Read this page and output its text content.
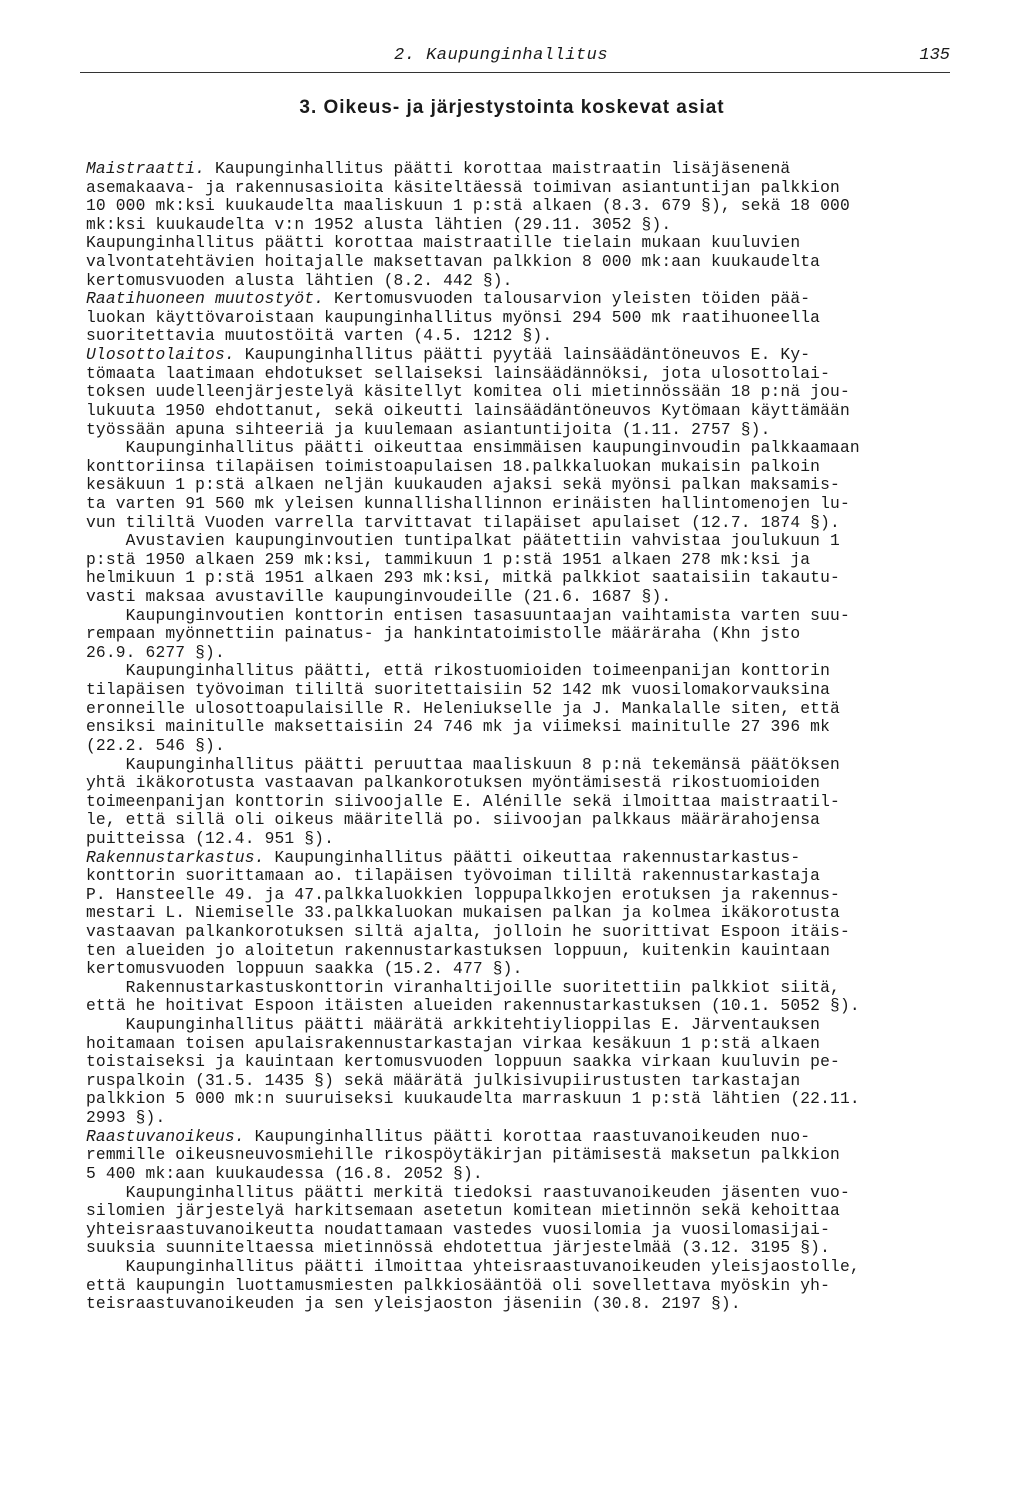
2. Kaupunginhallitus	135
3. Oikeus- ja järjestystointa koskevat asiat
Maistraatti. Kaupunginhallitus päätti korottaa maistraatin lisäjäsenenä
asemakaava- ja rakennusasioita käsiteltäessä toimivan asiantuntijan palkkion
10 000 mk:ksi kuukaudelta maaliskuun 1 p:stä alkaen (8.3. 679 §), sekä 18 000
mk:ksi kuukaudelta v:n 1952 alusta lähtien (29.11. 3052 §).
Kaupunginhallitus päätti korottaa maistraatille tielain mukaan kuuluvien
valvontatehtävien hoitajalle maksettavan palkkion 8 000 mk:aan kuukaudelta
kertomusvuoden alusta lähtien (8.2. 442 §).
Raatihuoneen muutostyöt. Kertomusvuoden talousarvion yleisten töiden pää-
luokan käyttövaroistaan kaupunginhallitus myönsi 294 500 mk raatihuoneella
suoritettavia muutostöitä varten (4.5. 1212 §).
Ulosottolaitos. Kaupunginhallitus päätti pyytää lainsäädäntöneuvos E. Ky-
tömaata laatimaan ehdotukset sellaiseksi lainsäädännöksi, jota ulosottolai-
toksen uudelleenjärjestelyä käsitellyt komitea oli mietinnössään 18 p:nä jou-
lukuuta 1950 ehdottanut, sekä oikeutti lainsäädäntöneuvos Kytömaan käyttämään
työssään apuna sihteeriä ja kuulemaan asiantuntijoita (1.11. 2757 §).
Kaupunginhallitus päätti oikeuttaa ensimmäisen kaupunginvoudin palkkaamaan
konttoriinsa tilapäisen toimistoapulaisen 18.palkkaluokan mukaisin palkoin
kesäkuun 1 p:stä alkaen neljän kuukauden ajaksi sekä myönsi palkan maksamis-
ta varten 91 560 mk yleisen kunnallishallinnon erinäisten hallintomenojen lu-
vun tililtä Vuoden varrella tarvittavat tilapäiset apulaiset (12.7. 1874 §).
Avustavien kaupunginvoutien tuntipalkat päätettiin vahvistaa joulukuun 1
p:stä 1950 alkaen 259 mk:ksi, tammikuun 1 p:stä 1951 alkaen 278 mk:ksi ja
helmikuun 1 p:stä 1951 alkaen 293 mk:ksi, mitkä palkkiot saataisiin takautu-
vasti maksaa avustaville kaupunginvoudeille (21.6. 1687 §).
Kaupunginvoutien konttorin entisen tasasuuntaajan vaihtamista varten suu-
rempaan myönnettiin painatus- ja hankintatoimistolle määräraha (Khn jsto
26.9. 6277 §).
Kaupunginhallitus päätti, että rikostuomioiden toimeenpanijan konttorin
tilapäisen työvoiman tililtä suoritettaisiin 52 142 mk vuosilomakorvauksina
eronneille ulosottoapulaisille R. Heleniukselle ja J. Mankalalle siten, että
ensiksi mainitulle maksettaisiin 24 746 mk ja viimeksi mainitulle 27 396 mk
(22.2. 546 §).
Kaupunginhallitus päätti peruuttaa maaliskuun 8 p:nä tekemänsä päätöksen
yhtä ikäkorotusta vastaavan palkankorotuksen myöntämisestä rikostuomioiden
toimeenpanijan konttorin siivoojalle E. Alénille sekä ilmoittaa maistraatil-
le, että sillä oli oikeus määritellä po. siivoojan palkkaus määrärahojensa
puitteissa (12.4. 951 §).
Rakennustarkastus. Kaupunginhallitus päätti oikeuttaa rakennustarkastus-
konttorin suorittamaan ao. tilapäisen työvoiman tililtä rakennustarkastaja
P. Hansteelle 49. ja 47.palkkaluokkien loppupalkkojen erotuksen ja rakennus-
mestari L. Niemiselle 33.palkkaluokan mukaisen palkan ja kolmea ikäkorotusta
vastaavan palkankorotuksen siltä ajalta, jolloin he suorittivat Espoon itäis-
ten alueiden jo aloitetun rakennustarkastuksen loppuun, kuitenkin kauintaan
kertomusvuoden loppuun saakka (15.2. 477 §).
Rakennustarkastuskonttorin viranhaltijoille suoritettiin palkkiot siitä,
että he hoitivat Espoon itäisten alueiden rakennustarkastuksen (10.1. 5052 §).
Kaupunginhallitus päätti määrätä arkkitehtiylioppilas E. Järventauksen
hoitamaan toisen apulaisrakennustarkastajan virkaa kesäkuun 1 p:stä alkaen
toistaiseksi ja kauintaan kertomusvuoden loppuun saakka virkaan kuuluvin pe-
ruspalkoin (31.5. 1435 §) sekä määrätä julkisivupiirustusten tarkastajan
palkkion 5 000 mk:n suuruiseksi kuukaudelta marraskuun 1 p:stä lähtien (22.11.
2993 §).
Raastuvanoikeus. Kaupunginhallitus päätti korottaa raastuvanoikeuden nuo-
remmille oikeusneuvosmiehille rikospöytäkirjan pitämisestä maksetun palkkion
5 400 mk:aan kuukaudessa (16.8. 2052 §).
Kaupunginhallitus päätti merkitä tiedoksi raastuvanoikeuden jäsenten vuo-
silomien järjestelyä harkitsemaan asetetun komitean mietinnön sekä kehoittaa
yhteisraastuvanoikeutta noudattamaan vastedes vuosilomia ja vuosilomasijai-
suuksia suunniteltaessa mietinnössä ehdotettua järjestelmää (3.12. 3195 §).
Kaupunginhallitus päätti ilmoittaa yhteisraastuvanoikeuden yleisjaostolle,
että kaupungin luottamusmiesten palkkiosääntöä oli sovellettava myöskin yh-
teisraastuvanoikeuden ja sen yleisjaoston jäseniin (30.8. 2197 §).
